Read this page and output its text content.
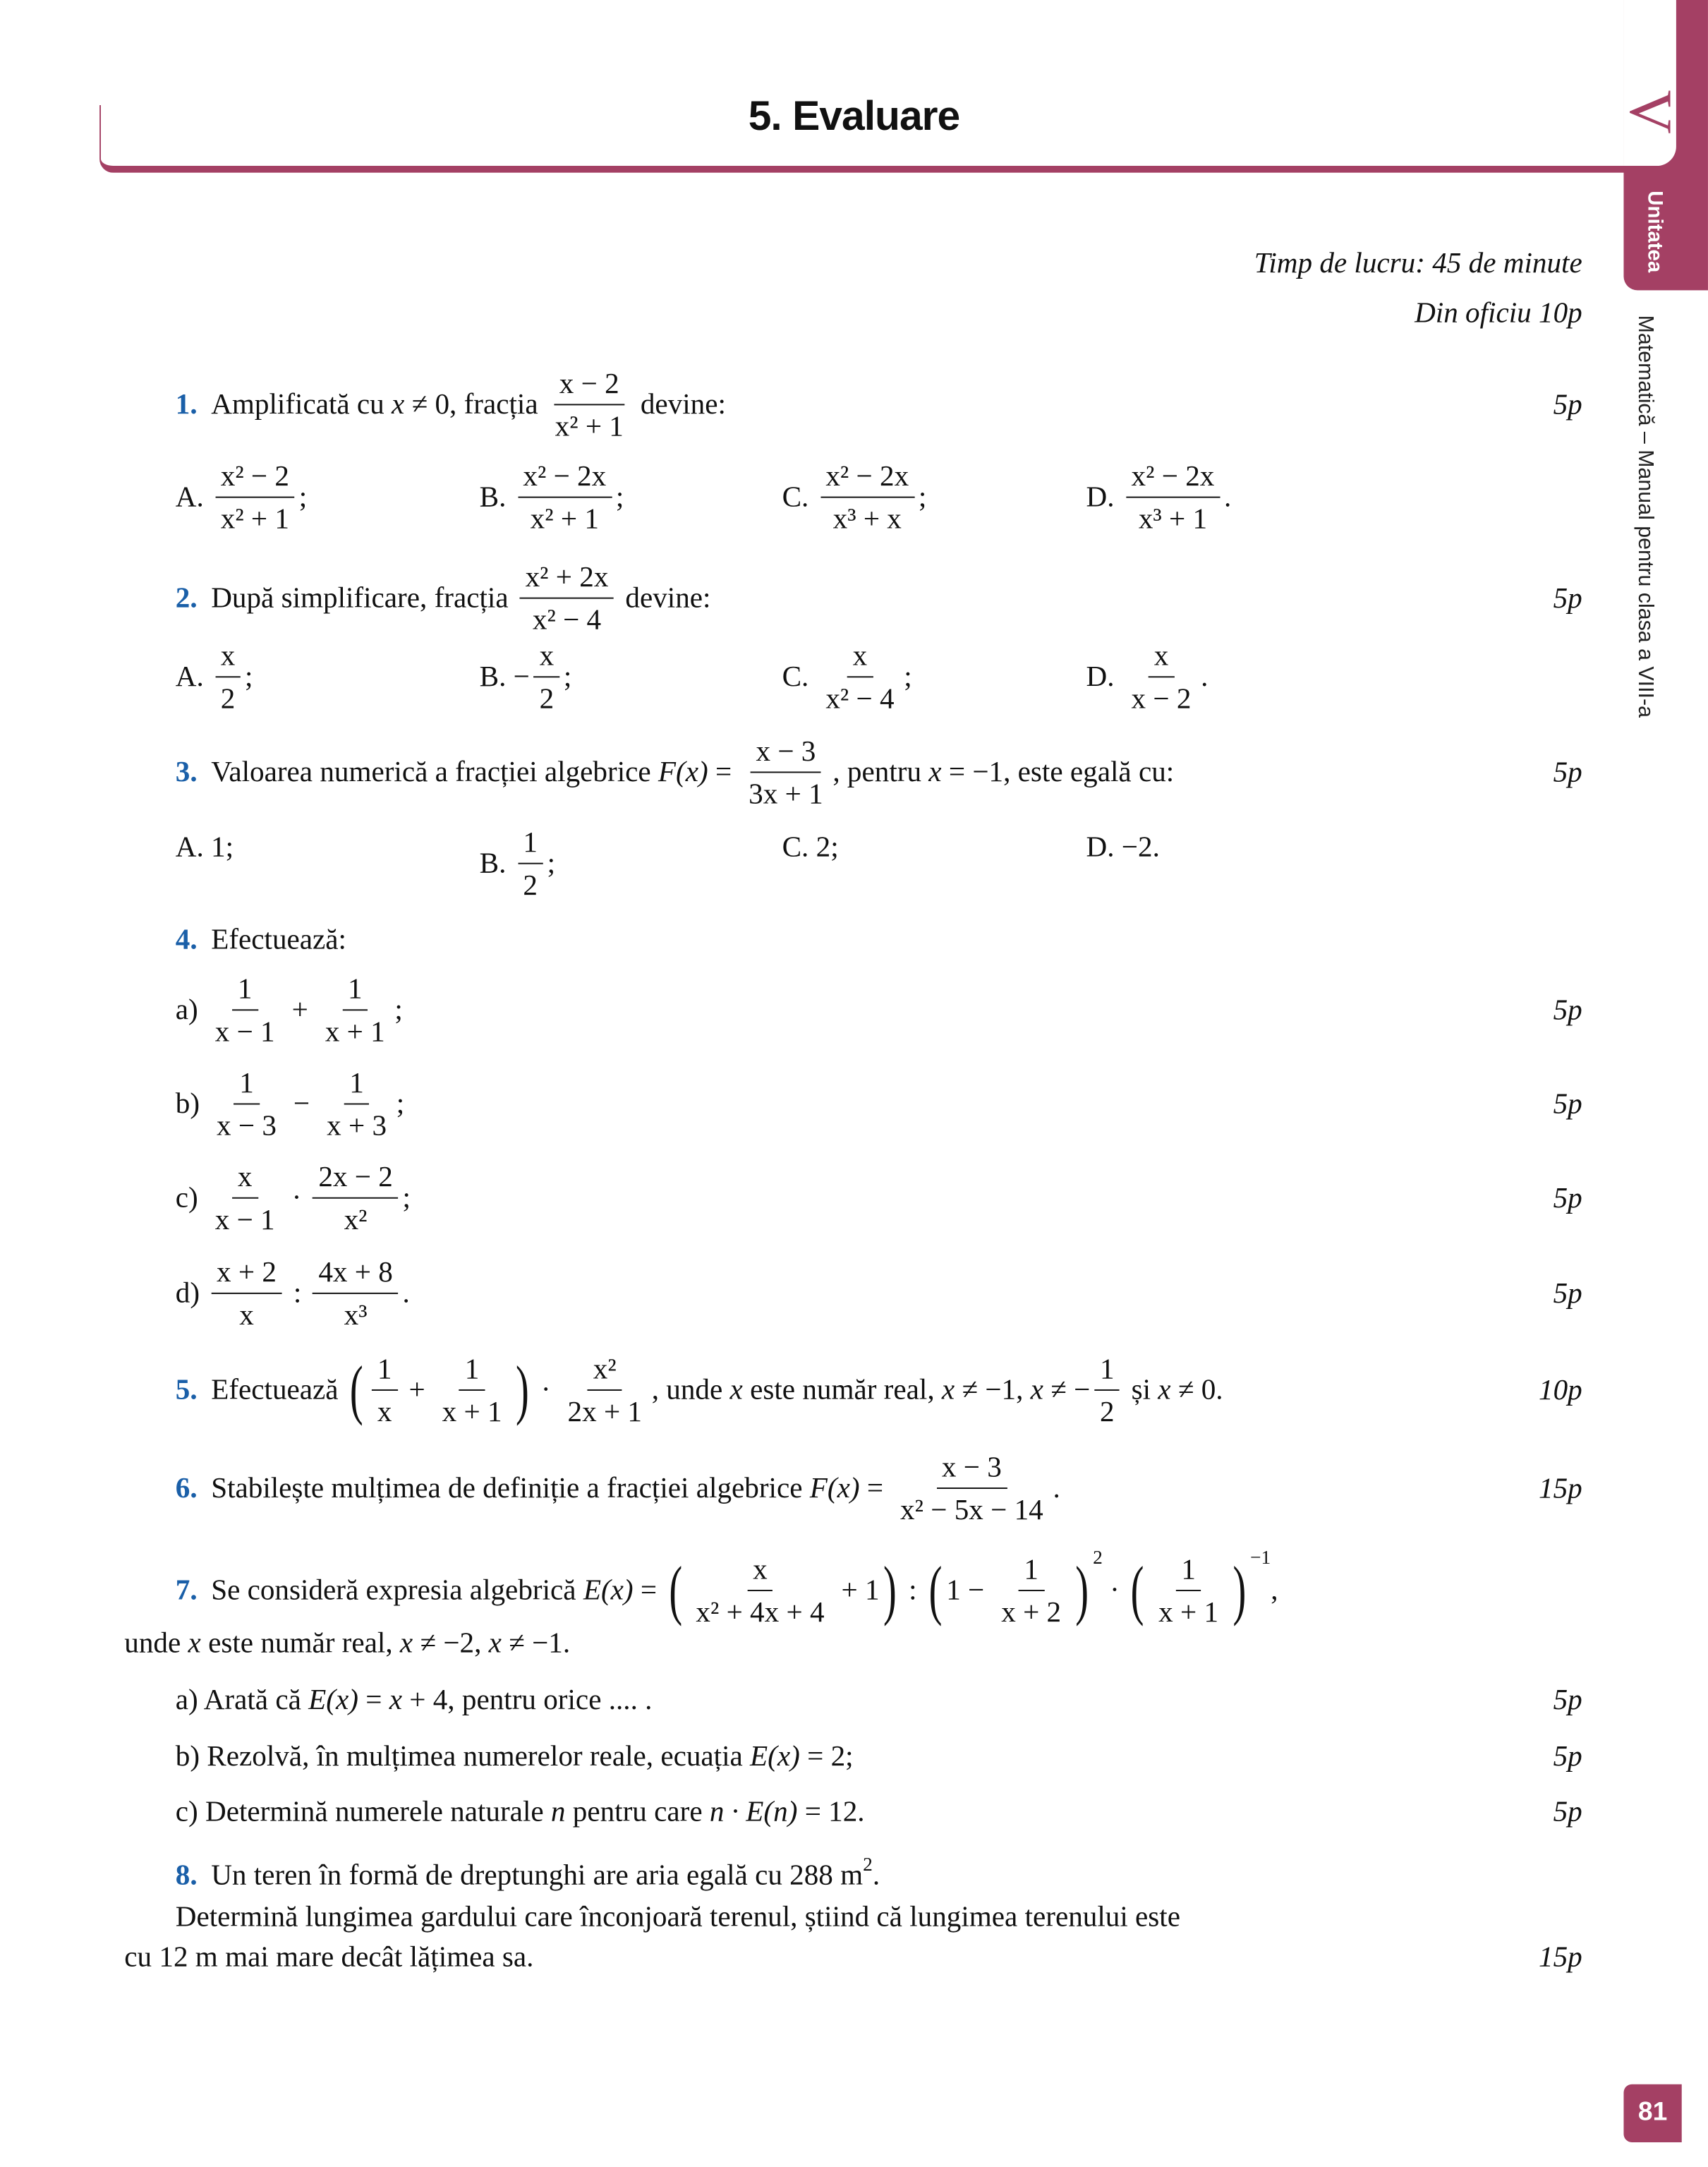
5. Evaluare	V
Unitatea
Matematică – Manual pentru clasa a VIII-a
81
Timp de lucru: 45 de minute
Din oficiu 10p
1. Amplificată cu x ≠ 0, fracția $\frac{x - 2}{\text{x² + 1}}$ devine:	5p
A. $\frac{\text{x² − 2}}{\text{x² + 1}}$ ;	B. $\frac{\text{x² − 2x}}{\text{x² + 1}}$ ;	C. $\frac{\text{x² − 2x}}{\text{x³ + x}}$ ;	D. $\frac{\text{x² − 2x}}{\text{x³ + 1}}$ .
2. După simplificare, fracția $\frac{\text{x² + 2x}}{\text{x² − 4}}$ devine:	5p
A. $\frac{x}{2}$ ;	B. − $\frac{x}{2}$ ;	C. $\frac{x}{\text{x² − 4}}$ ;	D. $\frac{x}{x - 2}$ .
3. Valoarea numerică a fracției algebrice $F(x) = \frac{x - 3}{3x + 1}$ , pentru x = −1, este egală cu:	5p
A. 1;	B. $\frac{1}{2}$ ;	C. 2;	D. −2.
4. Efectuează:
$a) \frac{1}{x - 1} + \frac{1}{x + 1}$ ;	5p
$b) \frac{1}{x - 3} - \frac{1}{x + 3}$ ;	5p
$c) \frac{x}{x - 1} \cdot \frac{2x - 2}{\text{x²}}$ ;	5p
$d) \frac{x + 2}{x}$ : $\frac{4x + 8}{\text{x³}}$ .	5p
5. Efectuează ( $\frac{1}{x} + \frac{1}{x + 1}$ ) · $\frac{\text{x²}}{2x + 1}$ , unde x este număr real, x ≠ −1, x ≠ − $\frac{1}{2}$ și x ≠ 0.	10p
6. Stabilește mulțimea de definiție a fracției algebrice $F(x) = \frac{x - 3}{\text{x² − 5x − 14}}$ .	15p
7. Se consideră expresia algebrică E(x) = ( $\frac{x}{\text{x² + 4x + 4}} + 1$ ) : ( $1 - \frac{1}{x + 2}$ ) 2
· ( $\frac{1}{x + 1}$ ) −1
,
unde x este număr real, x ≠ −2, x ≠ −1.
a) Arată că E(x) = x + 4, pentru orice .... .	5p
b) Rezolvă, în mulțimea numerelor reale, ecuația E(x) = 2;	5p
c) Determină numerele naturale n pentru care n · E(n) = 12.	5p
8. Un teren în formă de dreptunghi are aria egală cu 288 m 2 .
Determină lungimea gardului care înconjoară terenul, știind că lungimea terenului este
cu 12 m mai mare decât lățimea sa.	15p
